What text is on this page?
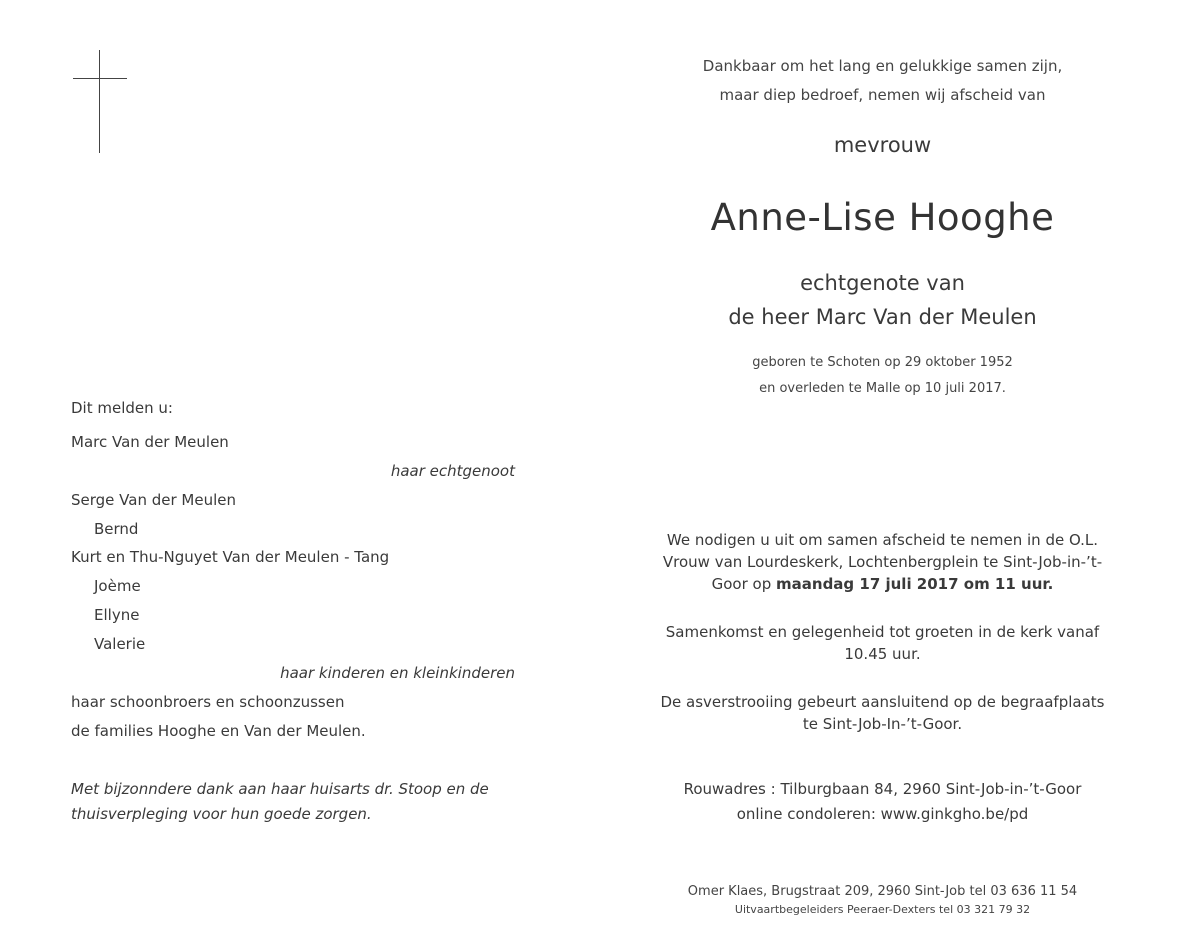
Dankbaar om het lang en gelukkige samen zijn,
maar diep bedroef, nemen wij afscheid van
mevrouw
Anne-Lise Hooghe
echtgenote van
de heer Marc Van der Meulen
geboren te Schoten op 29 oktober 1952
en overleden te Malle op 10 juli 2017.
We nodigen u uit om samen afscheid te nemen in de O.L. Vrouw van Lourdeskerk, Lochtenbergplein te Sint-Job-in-’t-Goor op maandag 17 juli 2017 om 11 uur.
Samenkomst en gelegenheid tot groeten in de kerk vanaf 10.45 uur.
De asverstrooiing gebeurt aansluitend op de begraafplaats te Sint-Job-In-’t-Goor.
Rouwadres : Tilburgbaan 84, 2960 Sint-Job-in-’t-Goor
online condoleren: www.ginkgho.be/pd
Omer Klaes, Brugstraat 209, 2960 Sint-Job tel 03 636 11 54
Uitvaartbegeleiders Peeraer-Dexters tel 03 321 79 32
Dit melden u:
Marc Van der Meulen
haar echtgenoot
Serge Van der Meulen
Bernd
Kurt en Thu-Nguyet Van der Meulen - Tang
Joème
Ellyne
Valerie
haar kinderen en kleinkinderen
haar schoonbroers en schoonzussen
de families Hooghe en Van der Meulen.
Met bijzonndere dank aan haar huisarts dr. Stoop en de thuisverpleging voor hun goede zorgen.
